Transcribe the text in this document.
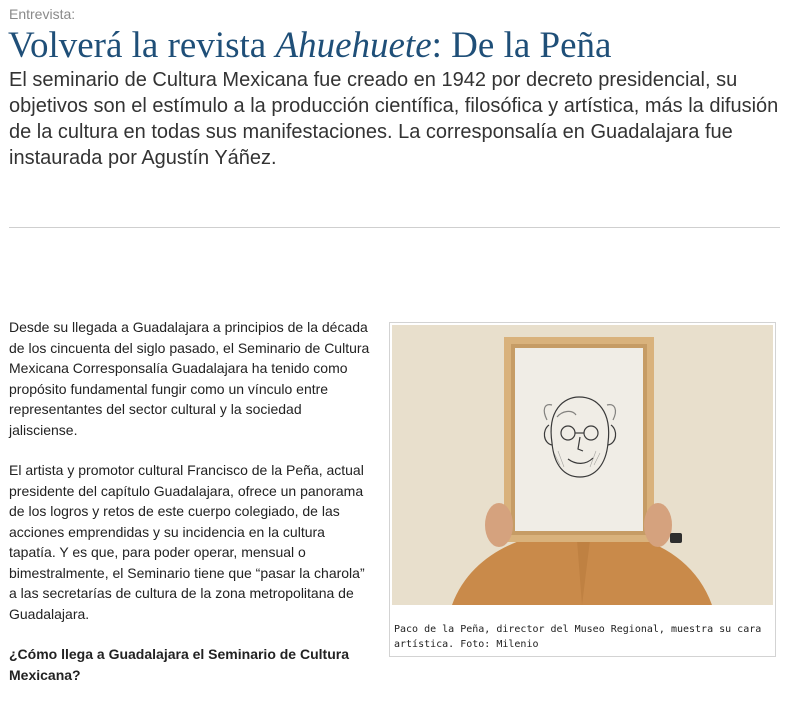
Entrevista:
Volverá la revista Ahuehuete: De la Peña

El seminario de Cultura Mexicana fue creado en 1942 por decreto presidencial, su objetivos son el estímulo a la producción científica, filosófica y artística, más la difusión de la cultura en todas sus manifestaciones. La corresponsalía en Guadalajara fue instaurada por Agustín Yáñez.

Desde su llegada a Guadalajara a principios de la década de los cincuenta del siglo pasado, el Seminario de Cultura Mexicana Corresponsalía Guadalajara ha tenido como propósito fundamental fungir como un vínculo entre representantes del sector cultural y la sociedad jalisciense.

El artista y promotor cultural Francisco de la Peña, actual presidente del capítulo Guadalajara, ofrece un panorama de los logros y retos de este cuerpo colegiado, de las acciones emprendidas y su incidencia en la cultura tapatía. Y es que, para poder operar, mensual o bimestralmente, el Seminario tiene que “pasar la charola” a las secretarías de cultura de la zona metropolitana de Guadalajara.

¿Cómo llega a Guadalajara el Seminario de Cultura Mexicana?

Paco de la Peña, director del Museo Regional, muestra su cara artística. Foto: Milenio
